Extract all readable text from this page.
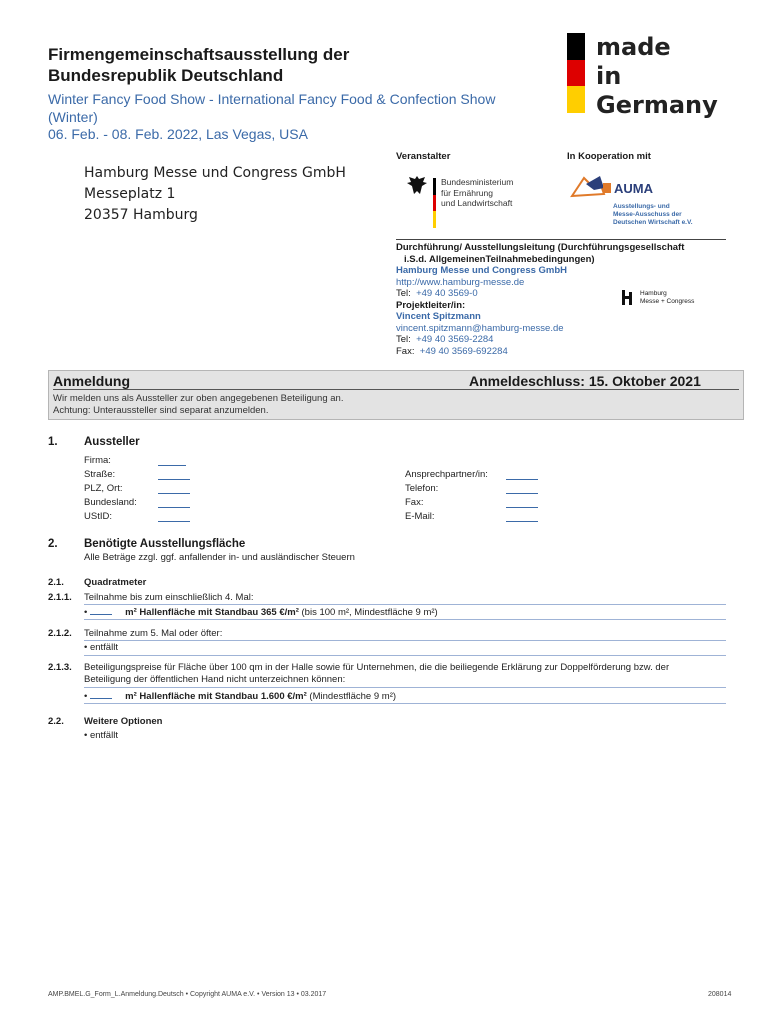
Firmengemeinschaftsausstellung der
Bundesrepublik Deutschland
Winter Fancy Food Show - International Fancy Food & Confection Show
(Winter)
06. Feb. - 08. Feb. 2022, Las Vegas, USA
Hamburg Messe und Congress GmbH
Messeplatz 1
20357 Hamburg
made
in
Germany
Veranstalter	In Kooperation mit
Bundesministerium
für Ernährung
und Landwirtschaft
AUMA
Ausstellungs- und
Messe-Ausschuss der
Deutschen Wirtschaft e.V.
Durchführung/ Ausstellungsleitung (Durchführungsgesellschaft
i.S.d. AllgemeinenTeilnahmebedingungen)
Hamburg Messe und Congress GmbH
http://www.hamburg-messe.de
Tel: +49 40 3569-0
Projektleiter/in:
Vincent Spitzmann
vincent.spitzmann@hamburg-messe.de
Tel: +49 40 3569-2284
Fax: +49 40 3569-692284
Hamburg
Messe + Congress
Anmeldung	Anmeldeschluss: 15. Oktober 2021
Wir melden uns als Aussteller zur oben angegebenen Beteiligung an.
Achtung: Unteraussteller sind separat anzumelden.
1. Aussteller
Firma:
Straße:
PLZ, Ort:
Bundesland:
UStID:
Ansprechpartner/in:
Telefon:
Fax:
E-Mail:
2. Benötigte Ausstellungsfläche
Alle Beträge zzgl. ggf. anfallender in- und ausländischer Steuern
2.1. Quadratmeter
2.1.1. Teilnahme bis zum einschließlich 4. Mal:
•	m² Hallenfläche mit Standbau 365 €/m² (bis 100 m², Mindestfläche 9 m²)
2.1.2. Teilnahme zum 5. Mal oder öfter:
• entfällt
2.1.3. Beteiligungspreise für Fläche über 100 qm in der Halle sowie für Unternehmen, die die beiliegende Erklärung zur Doppelförderung bzw. der
Beteiligung der öffentlichen Hand nicht unterzeichnen können:
•	m² Hallenfläche mit Standbau 1.600 €/m² (Mindestfläche 9 m²)
2.2. Weitere Optionen
• entfällt
AMP.BMEL.G_Form_L.Anmeldung.Deutsch • Copyright AUMA e.V. • Version 13 • 03.2017	208014
